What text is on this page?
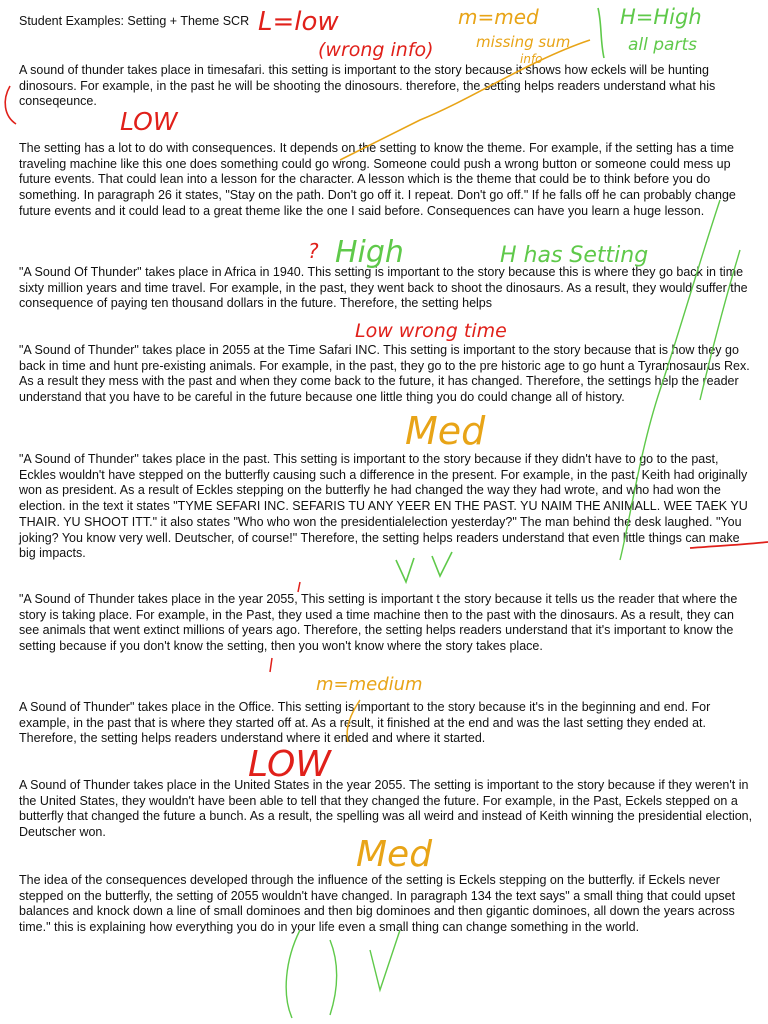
Student Examples: Setting + Theme SCR

A sound of thunder takes place in timesafari. this setting is important to the story because it shows how eckels will be hunting dinosours. For example, in the past he will be shooting the dinosours. therefore, the setting helps readers understand what his conseqeunce.

The setting has a lot to do with consequences. It depends on the setting to know the theme. For example, if the setting has a time traveling machine like this one does something could go wrong. Someone could push a wrong button or someone could mess up future events. That could lean into a lesson for the character. A lesson which is the theme that could be to think before you do something. In paragraph 26 it states, "Stay on the path. Don't go off it. I repeat. Don't go off." If he falls off he can probably change future events and it could lead to a great theme like the one I said before. Consequences can have you learn a huge lesson.

"A Sound Of Thunder" takes place in Africa in 1940. This setting is important to the story because this is where they go back in time sixty million years and time travel. For example, in the past, they went back to shoot the dinosaurs. As a result, they would suffer the consequence of paying ten thousand dollars in the future. Therefore, the setting helps

"A Sound of Thunder" takes place in 2055 at the Time Safari INC. This setting is important to the story because that is how they go back in time and hunt pre-existing animals. For example, in the past, they go to the pre historic age to go hunt a Tyrannosaurus Rex. As a result they mess with the past and when they come back to the future, it has changed. Therefore, the settings help the reader understand that you have to be careful in the future because one little thing you do could change all of history.

"A Sound of Thunder" takes place in the past. This setting is important to the story because if they didn't have to go to the past, Eckles wouldn't have stepped on the butterfly causing such a difference in the present. For example, in the past, Keith had originally won as president. As a result of Eckles stepping on the butterfly he had changed the way they had wrote, and who had won the election. in the text it states "TYME SEFARI INC. SEFARIS TU ANY YEER EN THE PAST. YU NAIM THE ANIMALL. WEE TAEK YU THAIR. YU SHOOT ITT." it also states "Who who won the presidentialelection yesterday?" The man behind the desk laughed. "You joking? You know very well. Deutscher, of course!" Therefore, the setting helps readers understand that even little things can make big impacts.

"A Sound of Thunder takes place in the year 2055, This setting is important t the story because it tells us the reader that where the story is taking place. For example, in the Past, they used a time machine then to the past with the dinosaurs. As a result, they can see animals that went extinct millions of years ago. Therefore, the setting helps readers understand that it's important to know the setting because if you don't know the setting, then you won't know where the story takes place.

A Sound of Thunder" takes place in the Office. This setting is important to the story because it's in the beginning and end. For example, in the past that is where they started off at. As a result, it finished at the end and was the last setting they ended at. Therefore, the setting helps readers understand where it ended and where it started.

A Sound of Thunder takes place in the United States in the year 2055. The setting is important to the story because if they weren't in the United States, they wouldn't have been able to tell that they changed the future. For example, in the Past, Eckels stepped on a butterfly that changed the future a bunch. As a result, the spelling was all weird and instead of Keith winning the presidential election, Deutscher won.

The idea of the consequences developed through the influence of the setting is Eckels stepping on the butterfly. if Eckels never stepped on the butterfly, the setting of 2055 wouldn't have changed. In paragraph 134 the text says" a small thing that could upset balances and knock down a line of small dominoes and then big dominoes and then gigantic dominoes, all down the years across time." this is explaining how everything you do in your life even a small thing can change something in the world.

L=low
(wrong info)
m=med
missing sum
info
H=High
all parts
LOW
? High	H has Setting
Low wrong time
Med
m=medium
LOW
Med
